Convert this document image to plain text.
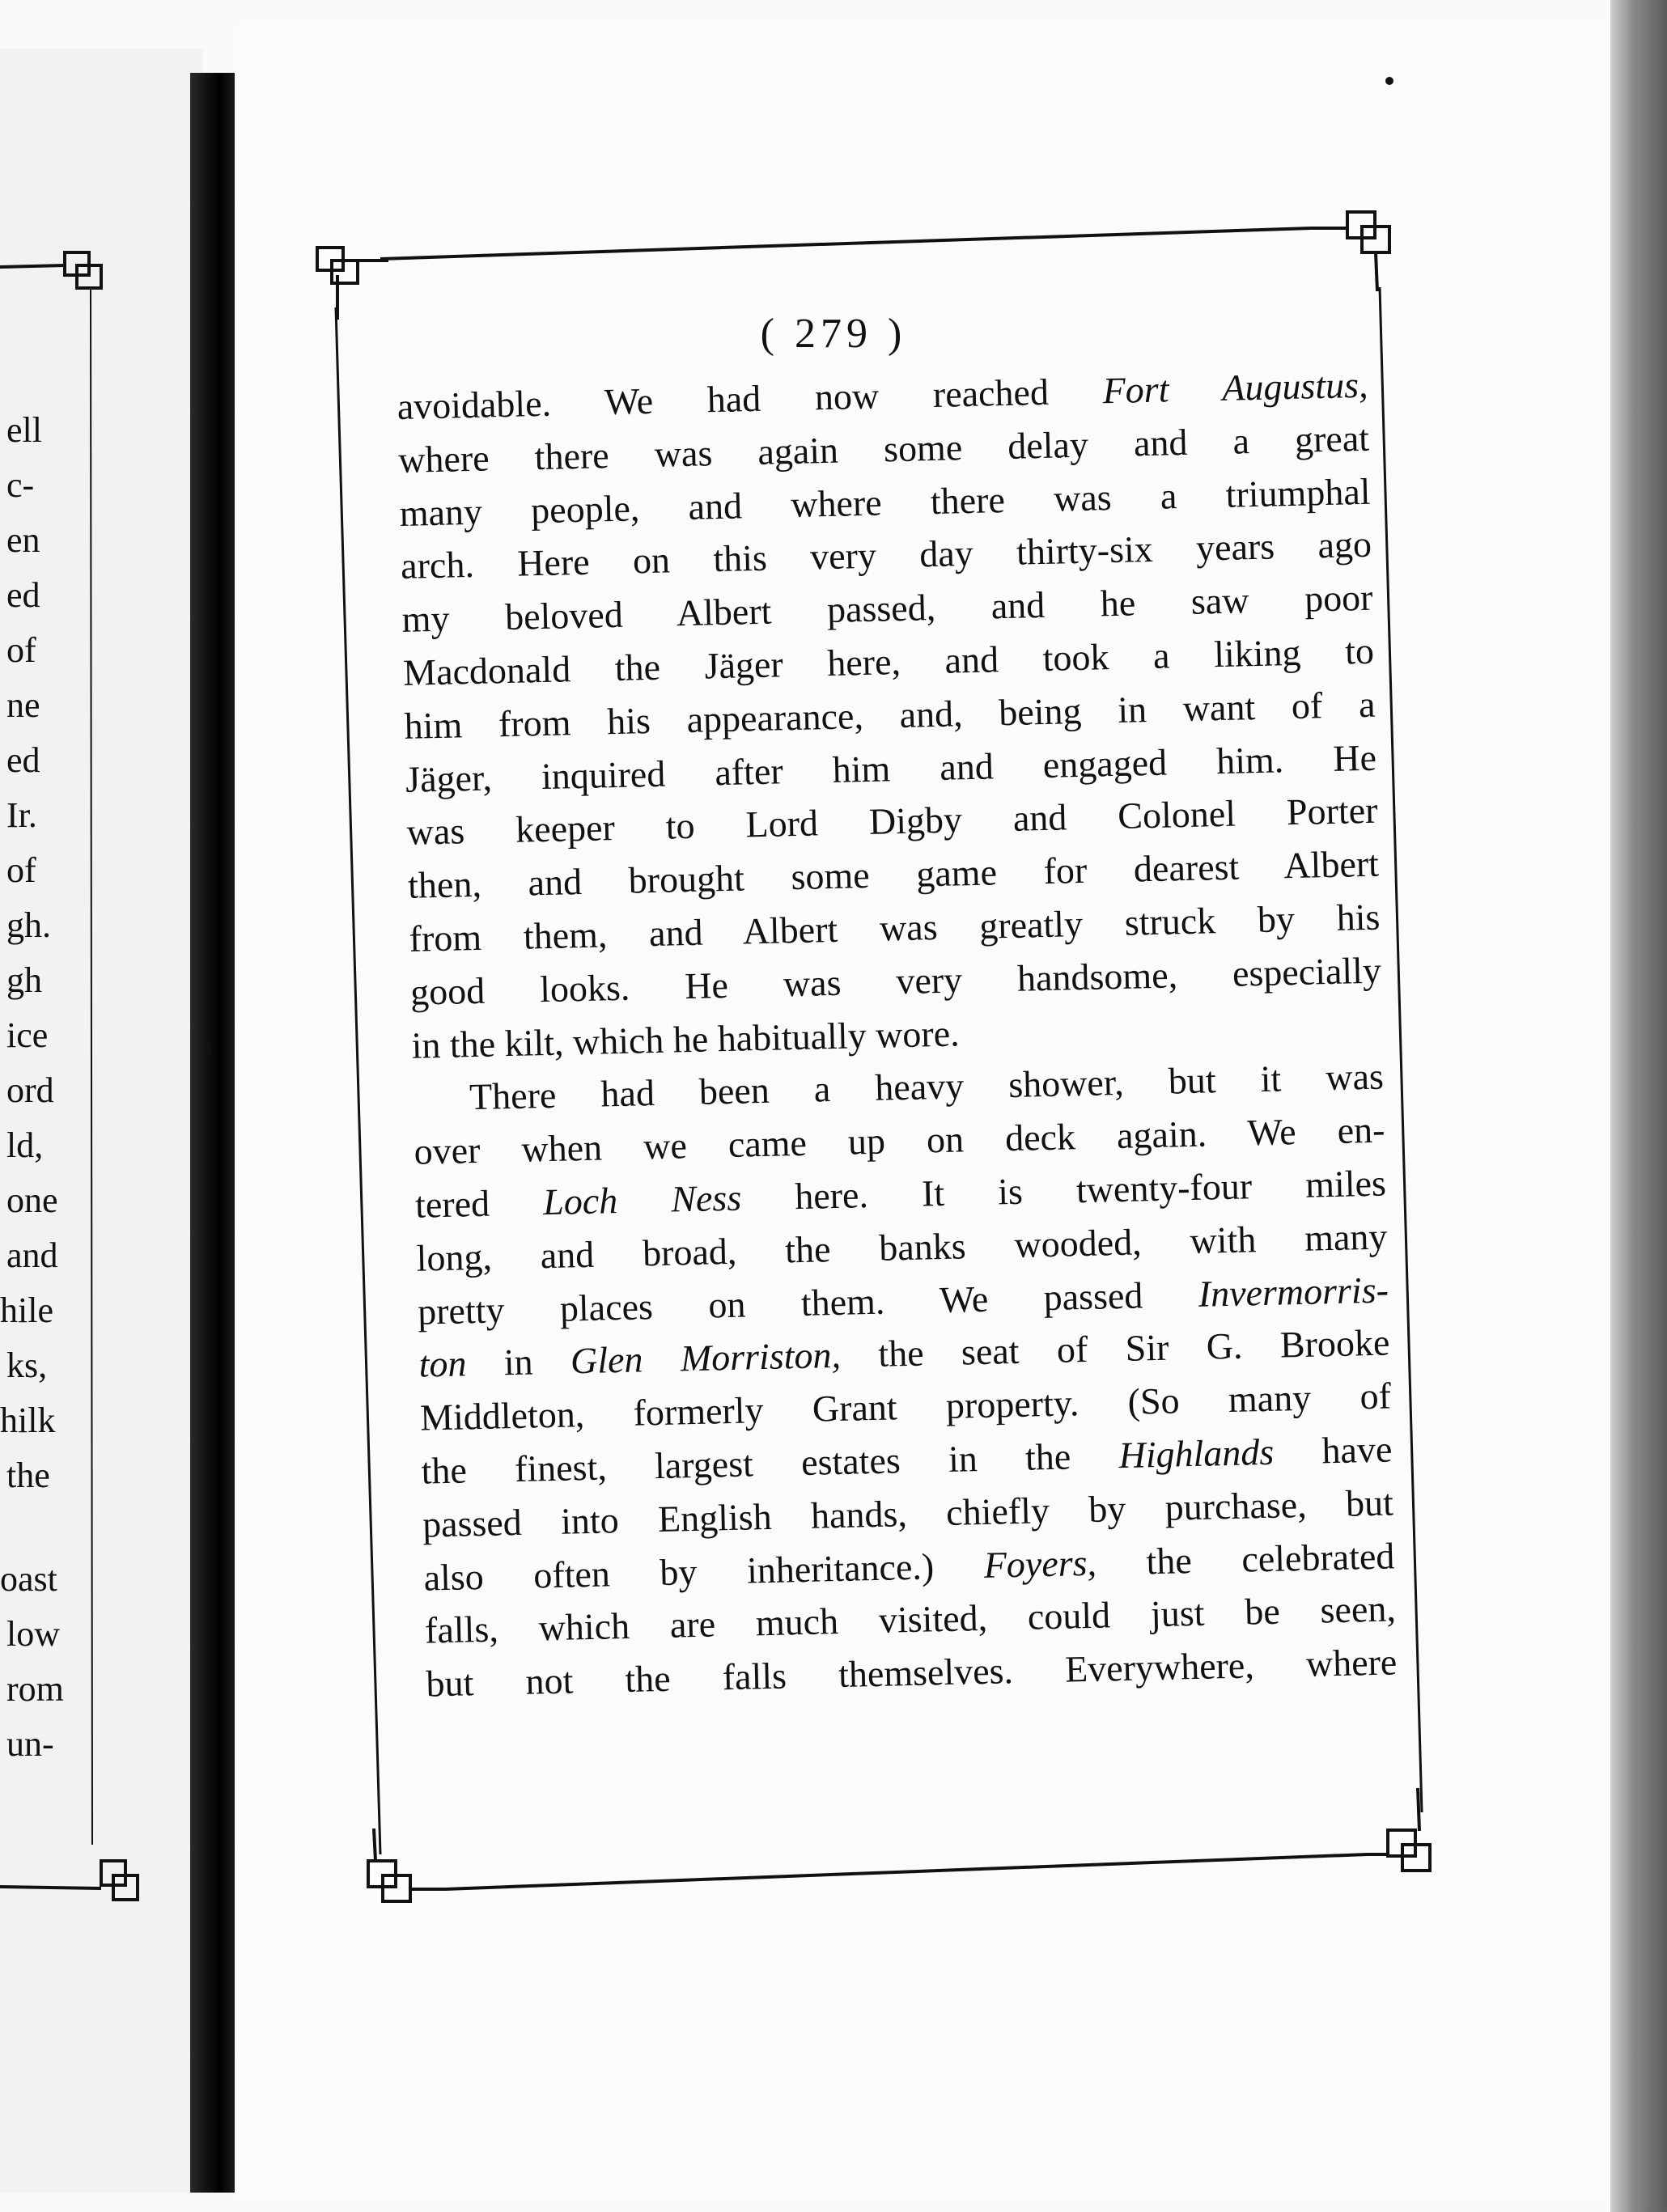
ell
c-
en
ed
of
ne
ed
Ir.
of
gh.
gh
ice
ord
ld,
one
and
hile
ks,
hilk
the
oast
low
rom
un-
( 279 )
avoidable. We had now reached Fort Augustus,
where there was again some delay and a great
many people, and where there was a triumphal
arch. Here on this very day thirty-six years ago
my beloved Albert passed, and he saw poor
Macdonald the Jäger here, and took a liking to
him from his appearance, and, being in want of a
Jäger, inquired after him and engaged him. He
was keeper to Lord Digby and Colonel Porter
then, and brought some game for dearest Albert
from them, and Albert was greatly struck by his
good looks. He was very handsome, especially
in the kilt, which he habitually wore.
There had been a heavy shower, but it was
over when we came up on deck again. We en-
tered Loch Ness here. It is twenty-four miles
long, and broad, the banks wooded, with many
pretty places on them. We passed Invermorris-
ton in Glen Morriston, the seat of Sir G. Brooke
Middleton, formerly Grant property. (So many of
the finest, largest estates in the Highlands have
passed into English hands, chiefly by purchase, but
also often by inheritance.) Foyers, the celebrated
falls, which are much visited, could just be seen,
but not the falls themselves. Everywhere, where
